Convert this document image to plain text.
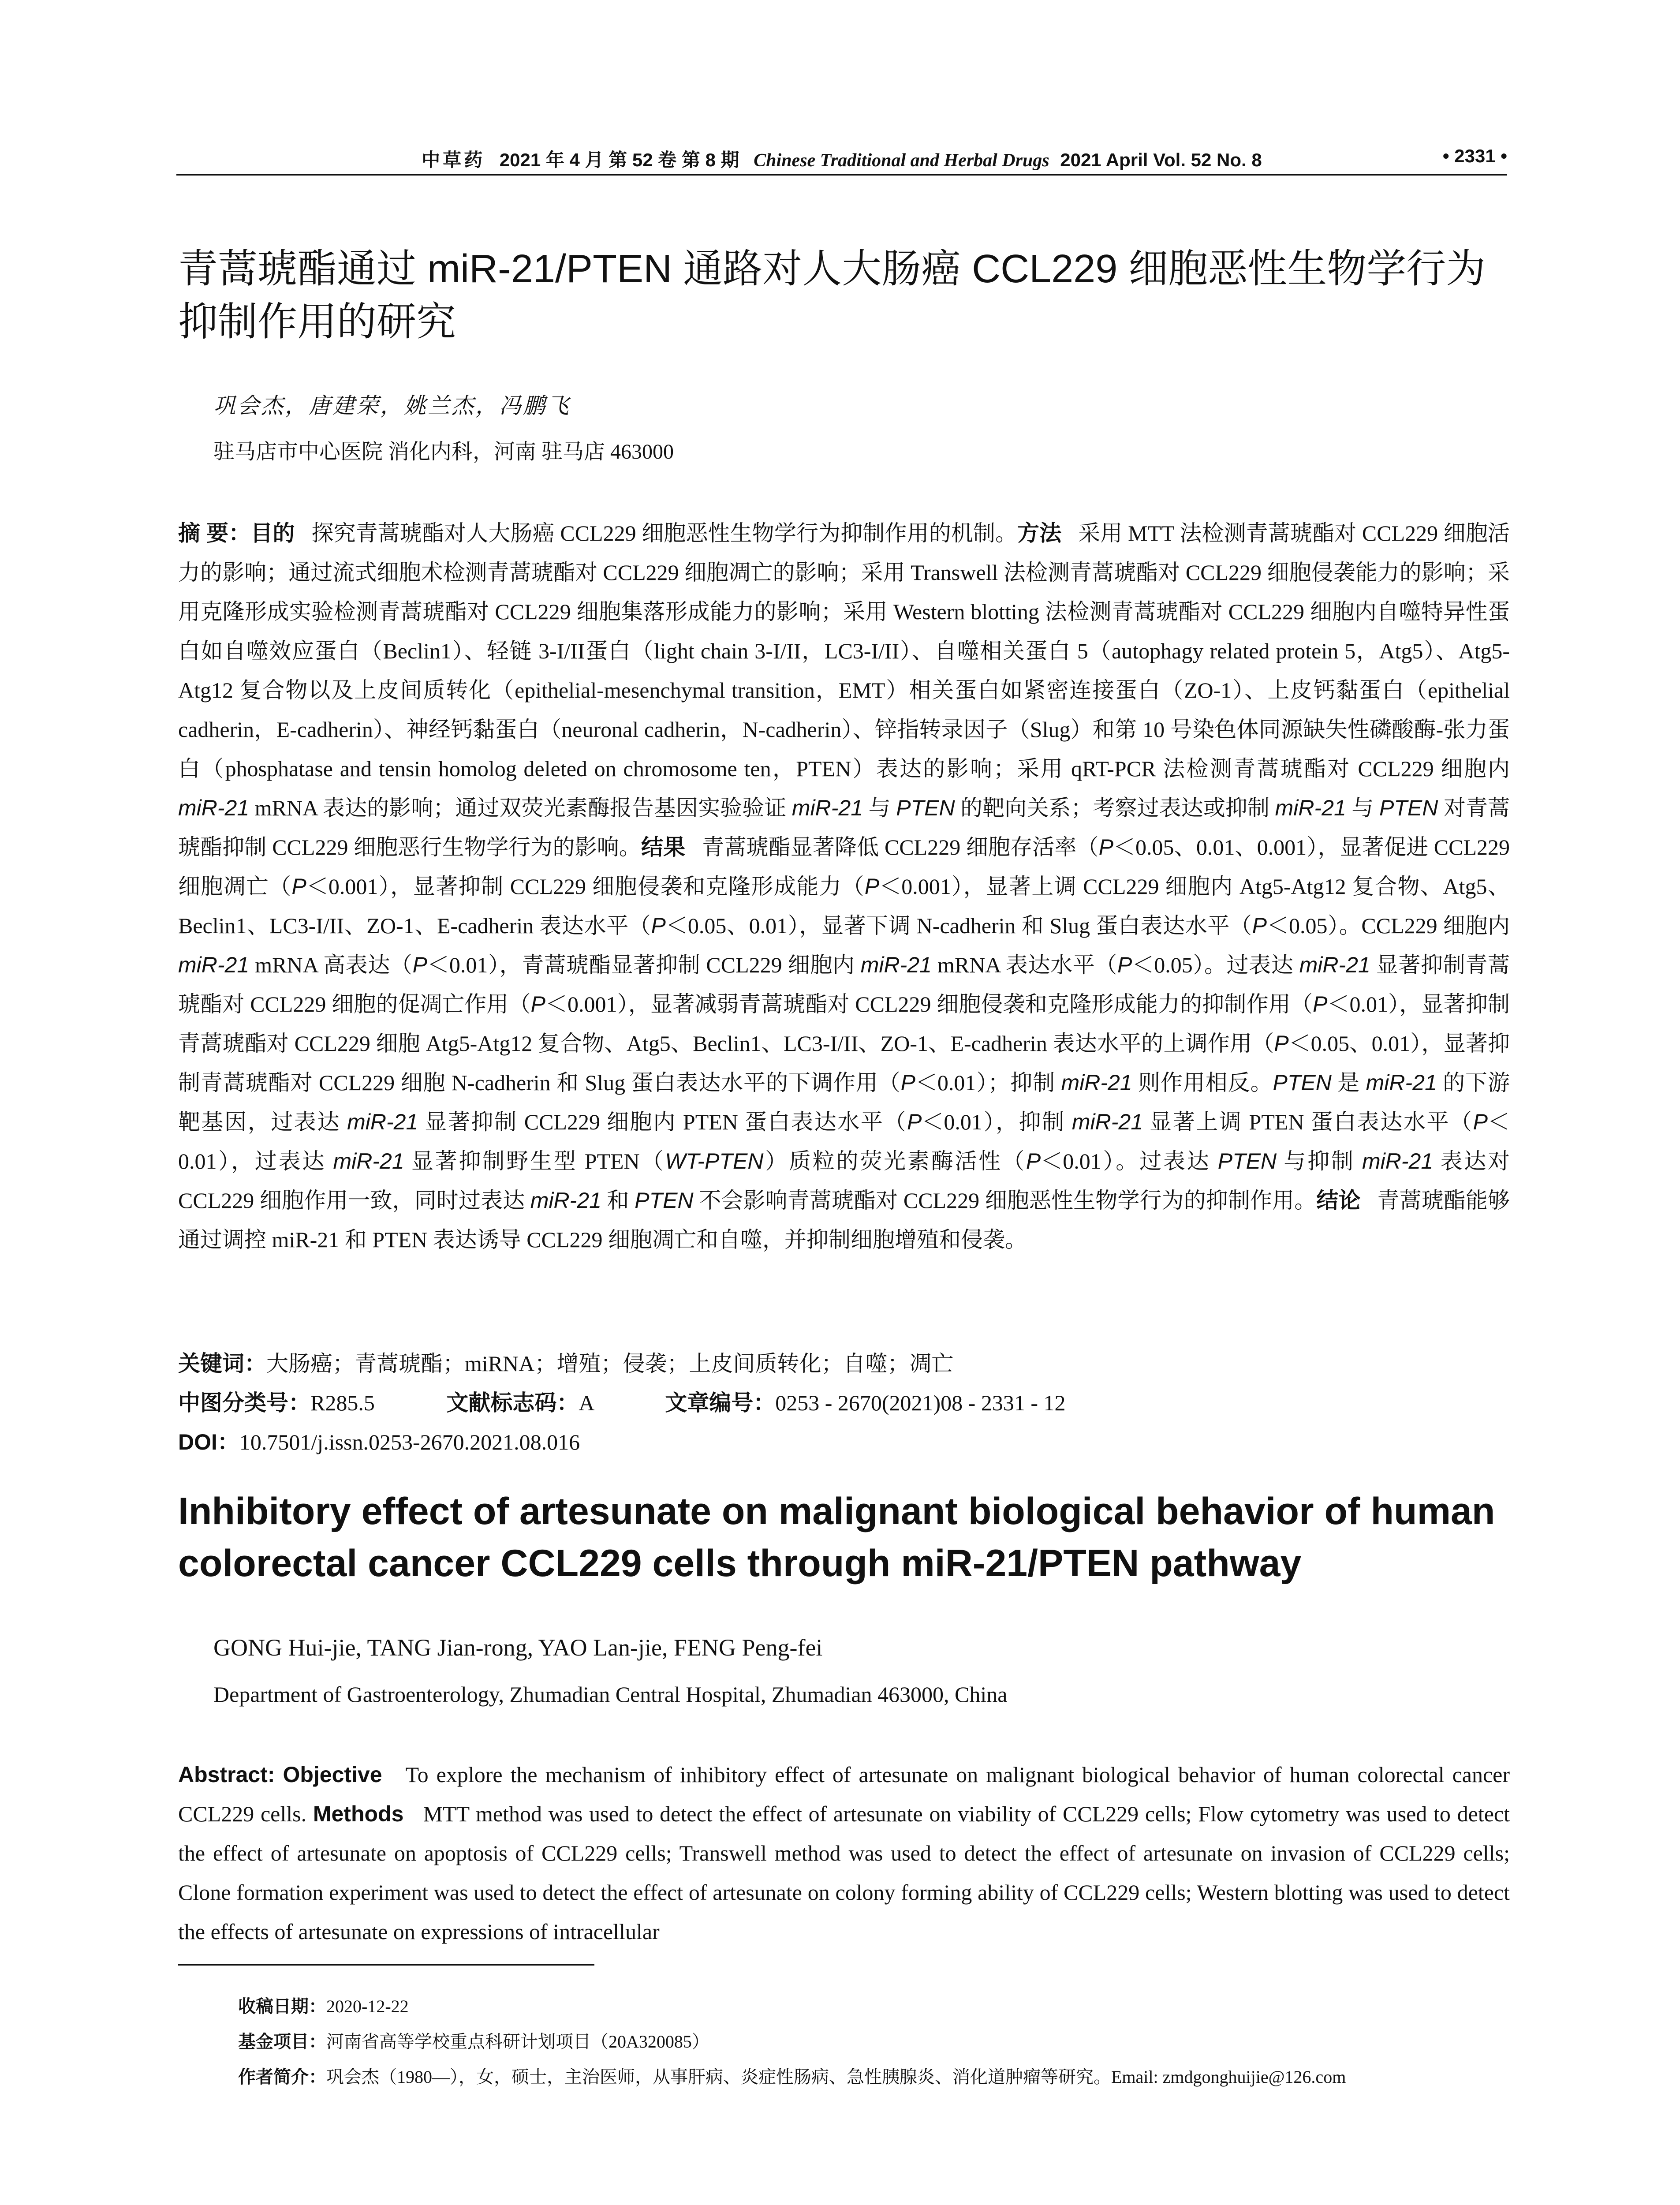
中草药 2021 年 4 月 第 52 卷 第 8 期 Chinese Traditional and Herbal Drugs 2021 April Vol. 52 No. 8	• 2331 •
青蒿琥酯通过 miR-21/PTEN 通路对人大肠癌 CCL229 细胞恶性生物学行为抑制作用的研究
巩会杰，唐建荣，姚兰杰，冯鹏飞
驻马店市中心医院 消化内科，河南 驻马店 463000
摘 要：目的 探究青蒿琥酯对人大肠癌 CCL229 细胞恶性生物学行为抑制作用的机制。方法 采用 MTT 法检测青蒿琥酯对 CCL229 细胞活力的影响；通过流式细胞术检测青蒿琥酯对 CCL229 细胞凋亡的影响；采用 Transwell 法检测青蒿琥酯对 CCL229 细胞侵袭能力的影响；采用克隆形成实验检测青蒿琥酯对 CCL229 细胞集落形成能力的影响；采用 Western blotting 法检测青蒿琥酯对 CCL229 细胞内自噬特异性蛋白如自噬效应蛋白（Beclin1）、轻链 3-I/II蛋白（light chain 3-I/II，LC3-I/II）、自噬相关蛋白 5（autophagy related protein 5，Atg5）、Atg5-Atg12 复合物以及上皮间质转化（epithelial-mesenchymal transition，EMT）相关蛋白如紧密连接蛋白（ZO-1）、上皮钙黏蛋白（epithelial cadherin，E-cadherin）、神经钙黏蛋白（neuronal cadherin，N-cadherin）、锌指转录因子（Slug）和第 10 号染色体同源缺失性磷酸酶-张力蛋白（phosphatase and tensin homolog deleted on chromosome ten，PTEN）表达的影响；采用 qRT-PCR 法检测青蒿琥酯对 CCL229 细胞内 miR-21 mRNA 表达的影响；通过双荧光素酶报告基因实验验证 miR-21 与 PTEN 的靶向关系；考察过表达或抑制 miR-21 与 PTEN 对青蒿琥酯抑制 CCL229 细胞恶行生物学行为的影响。结果 青蒿琥酯显著降低 CCL229 细胞存活率（P＜0.05、0.01、0.001），显著促进 CCL229 细胞凋亡（P＜0.001），显著抑制 CCL229 细胞侵袭和克隆形成能力（P＜0.001），显著上调 CCL229 细胞内 Atg5-Atg12 复合物、Atg5、Beclin1、LC3-I/II、ZO-1、E-cadherin 表达水平（P＜0.05、0.01），显著下调 N-cadherin 和 Slug 蛋白表达水平（P＜0.05）。CCL229 细胞内 miR-21 mRNA 高表达（P＜0.01），青蒿琥酯显著抑制 CCL229 细胞内 miR-21 mRNA 表达水平（P＜0.05）。过表达 miR-21 显著抑制青蒿琥酯对 CCL229 细胞的促凋亡作用（P＜0.001），显著减弱青蒿琥酯对 CCL229 细胞侵袭和克隆形成能力的抑制作用（P＜0.01），显著抑制青蒿琥酯对 CCL229 细胞 Atg5-Atg12 复合物、Atg5、Beclin1、LC3-I/II、ZO-1、E-cadherin 表达水平的上调作用（P＜0.05、0.01），显著抑制青蒿琥酯对 CCL229 细胞 N-cadherin 和 Slug 蛋白表达水平的下调作用（P＜0.01）；抑制 miR-21 则作用相反。PTEN 是 miR-21 的下游靶基因，过表达 miR-21 显著抑制 CCL229 细胞内 PTEN 蛋白表达水平（P＜0.01），抑制 miR-21 显著上调 PTEN 蛋白表达水平（P＜0.01），过表达 miR-21 显著抑制野生型 PTEN（WT-PTEN）质粒的荧光素酶活性（P＜0.01）。过表达 PTEN 与抑制 miR-21 表达对 CCL229 细胞作用一致，同时过表达 miR-21 和 PTEN 不会影响青蒿琥酯对 CCL229 细胞恶性生物学行为的抑制作用。结论 青蒿琥酯能够通过调控 miR-21 和 PTEN 表达诱导 CCL229 细胞凋亡和自噬，并抑制细胞增殖和侵袭。
关键词：大肠癌；青蒿琥酯；miRNA；增殖；侵袭；上皮间质转化；自噬；凋亡
中图分类号：R285.5	文献标志码：A	文章编号：0253 - 2670(2021)08 - 2331 - 12
DOI：10.7501/j.issn.0253-2670.2021.08.016
Inhibitory effect of artesunate on malignant biological behavior of human colorectal cancer CCL229 cells through miR-21/PTEN pathway
GONG Hui-jie, TANG Jian-rong, YAO Lan-jie, FENG Peng-fei
Department of Gastroenterology, Zhumadian Central Hospital, Zhumadian 463000, China
Abstract: Objective To explore the mechanism of inhibitory effect of artesunate on malignant biological behavior of human colorectal cancer CCL229 cells. Methods MTT method was used to detect the effect of artesunate on viability of CCL229 cells; Flow cytometry was used to detect the effect of artesunate on apoptosis of CCL229 cells; Transwell method was used to detect the effect of artesunate on invasion of CCL229 cells; Clone formation experiment was used to detect the effect of artesunate on colony forming ability of CCL229 cells; Western blotting was used to detect the effects of artesunate on expressions of intracellular
收稿日期：2020-12-22
基金项目：河南省高等学校重点科研计划项目（20A320085）
作者简介：巩会杰（1980—），女，硕士，主治医师，从事肝病、炎症性肠病、急性胰腺炎、消化道肿瘤等研究。Email: zmdgonghuijie@126.com
